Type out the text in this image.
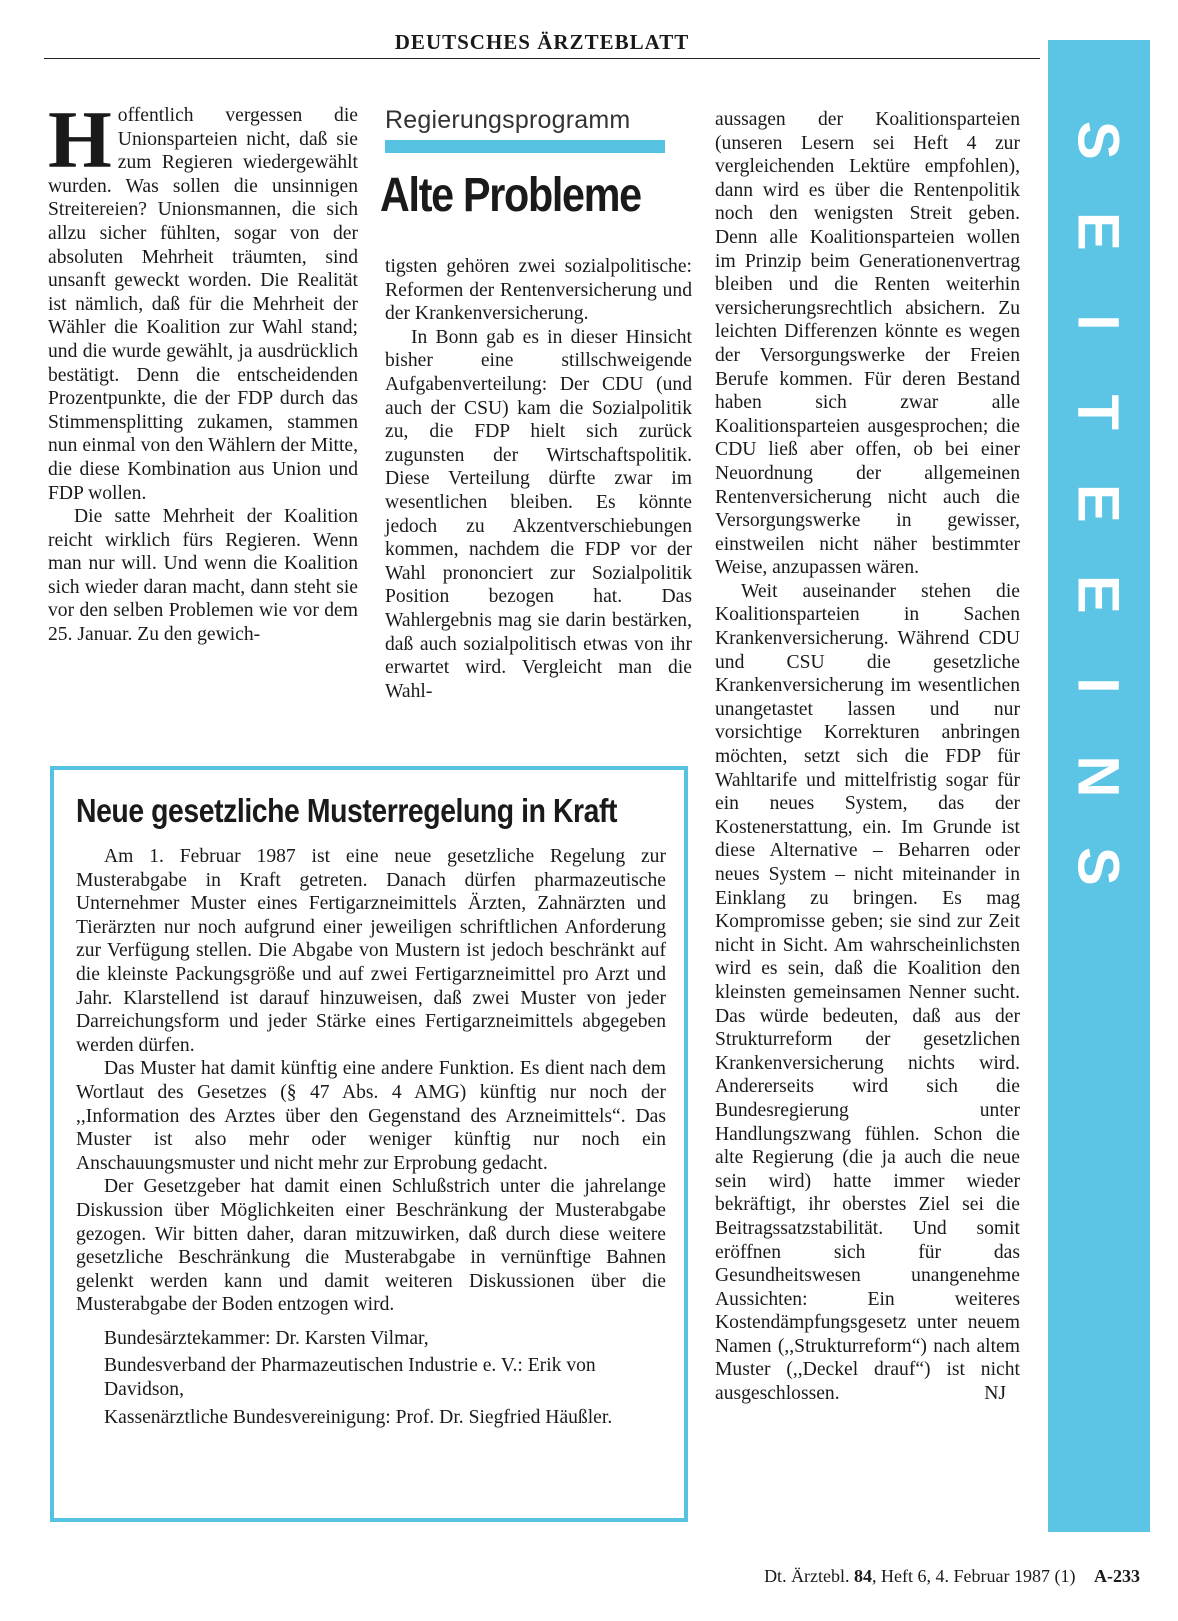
DEUTSCHES ÄRZTEBLATT

Hoffentlich vergessen die Unionsparteien nicht, daß sie zum Regieren wiedergewählt wurden. Was sollen die unsinnigen Streitereien? Unionsmannen, die sich allzu sicher fühlten, sogar von der absoluten Mehrheit träumten, sind unsanft geweckt worden. Die Realität ist nämlich, daß für die Mehrheit der Wähler die Koalition zur Wahl stand; und die wurde gewählt, ja ausdrücklich bestätigt. Denn die entscheidenden Prozentpunkte, die der FDP durch das Stimmensplitting zukamen, stammen nun einmal von den Wählern der Mitte, die diese Kombination aus Union und FDP wollen.

Die satte Mehrheit der Koalition reicht wirklich fürs Regieren. Wenn man nur will. Und wenn die Koalition sich wieder daran macht, dann steht sie vor den selben Problemen wie vor dem 25. Januar. Zu den gewich-

Regierungsprogramm
Alte Probleme

tigsten gehören zwei sozialpolitische: Reformen der Rentenversicherung und der Krankenversicherung.

In Bonn gab es in dieser Hinsicht bisher eine stillschweigende Aufgabenverteilung: Der CDU (und auch der CSU) kam die Sozialpolitik zu, die FDP hielt sich zurück zugunsten der Wirtschaftspolitik. Diese Verteilung dürfte zwar im wesentlichen bleiben. Es könnte jedoch zu Akzentverschiebungen kommen, nachdem die FDP vor der Wahl prononciert zur Sozialpolitik Position bezogen hat. Das Wahlergebnis mag sie darin bestärken, daß auch sozialpolitisch etwas von ihr erwartet wird. Vergleicht man die Wahl-

aussagen der Koalitionsparteien (unseren Lesern sei Heft 4 zur vergleichenden Lektüre empfohlen), dann wird es über die Rentenpolitik noch den wenigsten Streit geben. Denn alle Koalitionsparteien wollen im Prinzip beim Generationenvertrag bleiben und die Renten weiterhin versicherungsrechtlich absichern. Zu leichten Differenzen könnte es wegen der Versorgungswerke der Freien Berufe kommen. Für deren Bestand haben sich zwar alle Koalitionsparteien ausgesprochen; die CDU ließ aber offen, ob bei einer Neuordnung der allgemeinen Rentenversicherung nicht auch die Versorgungswerke in gewisser, einstweilen nicht näher bestimmter Weise, anzupassen wären.

Weit auseinander stehen die Koalitionsparteien in Sachen Krankenversicherung. Während CDU und CSU die gesetzliche Krankenversicherung im wesentlichen unangetastet lassen und nur vorsichtige Korrekturen anbringen möchten, setzt sich die FDP für Wahltarife und mittelfristig sogar für ein neues System, das der Kostenerstattung, ein. Im Grunde ist diese Alternative – Beharren oder neues System – nicht miteinander in Einklang zu bringen. Es mag Kompromisse geben; sie sind zur Zeit nicht in Sicht. Am wahrscheinlichsten wird es sein, daß die Koalition den kleinsten gemeinsamen Nenner sucht. Das würde bedeuten, daß aus der Strukturreform der gesetzlichen Krankenversicherung nichts wird. Andererseits wird sich die Bundesregierung unter Handlungszwang fühlen. Schon die alte Regierung (die ja auch die neue sein wird) hatte immer wieder bekräftigt, ihr oberstes Ziel sei die Beitragssatzstabilität. Und somit eröffnen sich für das Gesundheitswesen unangenehme Aussichten: Ein weiteres Kostendämpfungsgesetz unter neuem Namen (,,Strukturreform“) nach altem Muster (,,Deckel drauf“) ist nicht ausgeschlossen.	NJ

Neue gesetzliche Musterregelung in Kraft

Am 1. Februar 1987 ist eine neue gesetzliche Regelung zur Musterabgabe in Kraft getreten. Danach dürfen pharmazeutische Unternehmer Muster eines Fertigarzneimittels Ärzten, Zahnärzten und Tierärzten nur noch aufgrund einer jeweiligen schriftlichen Anforderung zur Verfügung stellen. Die Abgabe von Mustern ist jedoch beschränkt auf die kleinste Packungsgröße und auf zwei Fertigarzneimittel pro Arzt und Jahr. Klarstellend ist darauf hinzuweisen, daß zwei Muster von jeder Darreichungsform und jeder Stärke eines Fertigarzneimittels abgegeben werden dürfen.

Das Muster hat damit künftig eine andere Funktion. Es dient nach dem Wortlaut des Gesetzes (§ 47 Abs. 4 AMG) künftig nur noch der ,,Information des Arztes über den Gegenstand des Arzneimittels“. Das Muster ist also mehr oder weniger künftig nur noch ein Anschauungsmuster und nicht mehr zur Erprobung gedacht.

Der Gesetzgeber hat damit einen Schlußstrich unter die jahrelange Diskussion über Möglichkeiten einer Beschränkung der Musterabgabe gezogen. Wir bitten daher, daran mitzuwirken, daß durch diese weitere gesetzliche Beschränkung die Musterabgabe in vernünftige Bahnen gelenkt werden kann und damit weiteren Diskussionen über die Musterabgabe der Boden entzogen wird.

Bundesärztekammer: Dr. Karsten Vilmar,
Bundesverband der Pharmazeutischen Industrie e. V.: Erik von Davidson,
Kassenärztliche Bundesvereinigung: Prof. Dr. Siegfried Häußler.
S
E
I
T
E
E
I
N
S
Dt. Ärztebl. 84, Heft 6, 4. Februar 1987 (1) A-233
